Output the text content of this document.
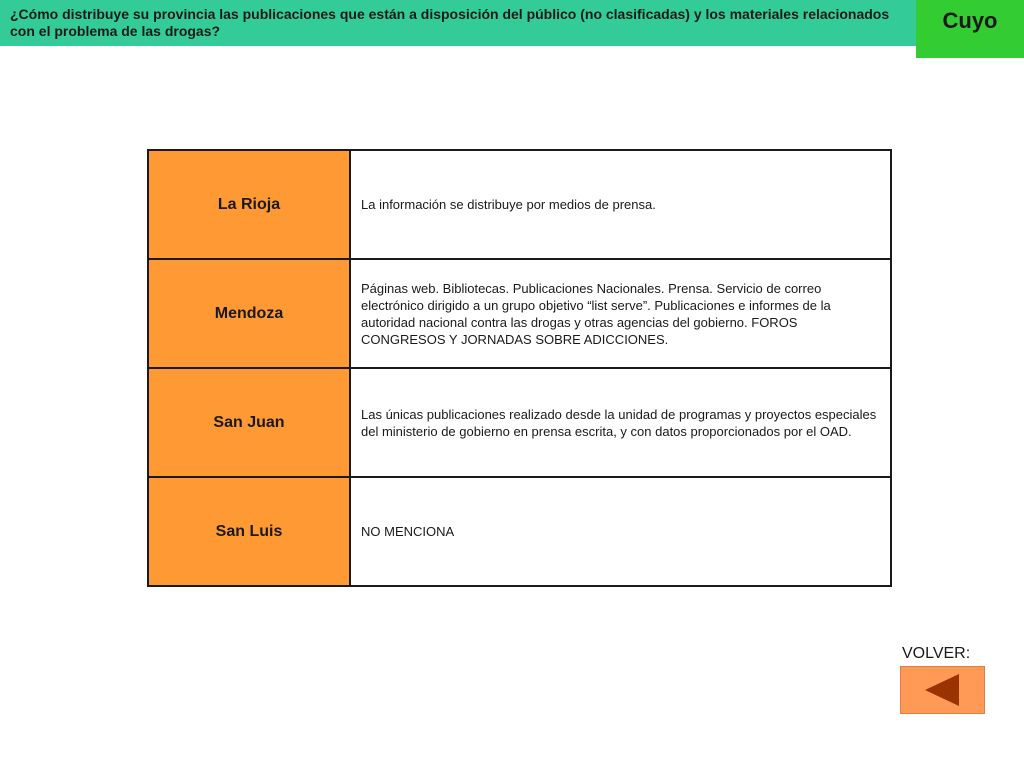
¿Cómo distribuye su provincia las publicaciones que están a disposición del público (no clasificadas) y los materiales relacionados con el problema de las drogas?	Cuyo
La Rioja	La información se distribuye por medios de prensa.
Mendoza	Páginas web. Bibliotecas. Publicaciones Nacionales. Prensa. Servicio de correo electrónico dirigido a un grupo objetivo “list serve”. Publicaciones e informes de la autoridad nacional contra las drogas y otras agencias del gobierno. FOROS CONGRESOS Y JORNADAS SOBRE ADICCIONES.
San Juan	Las únicas publicaciones realizado desde la unidad de programas y proyectos especiales del ministerio de gobierno en prensa escrita, y con datos proporcionados por el OAD.
San Luis	NO MENCIONA
VOLVER:
